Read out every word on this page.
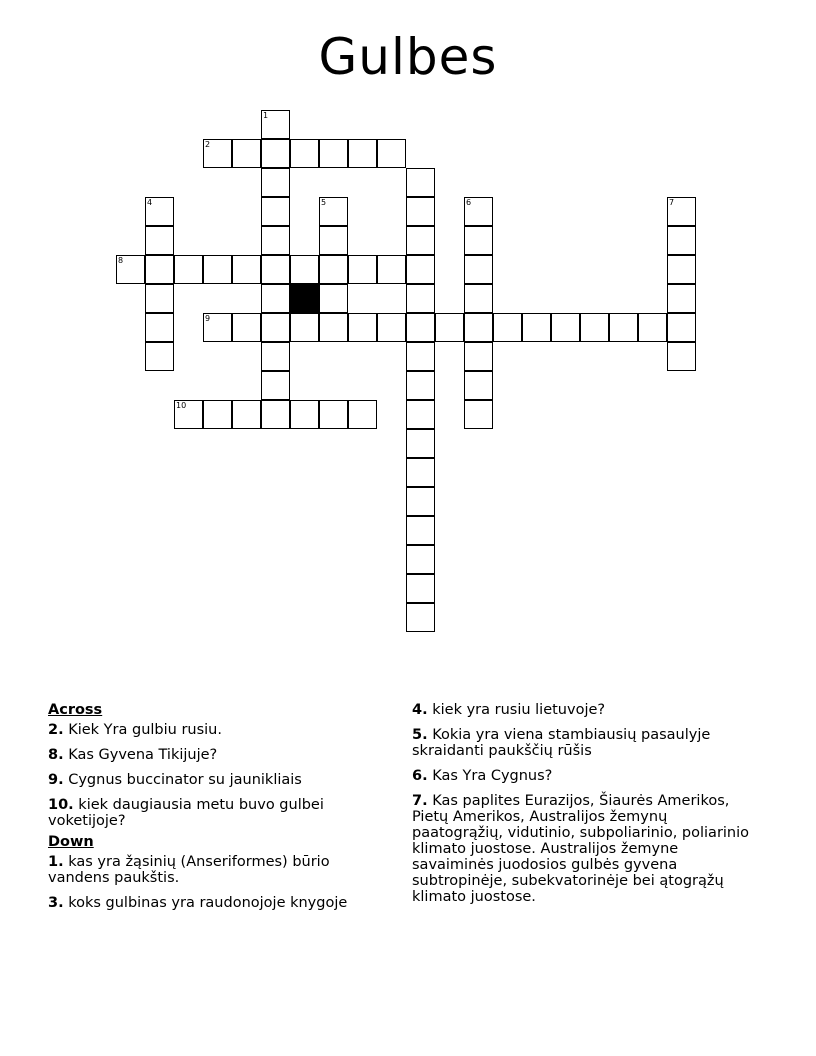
Gulbes
1
2
4	5	6	7
8
9
10
Across
2. Kiek Yra gulbiu rusiu.
8. Kas Gyvena Tikijuje?
9. Cygnus buccinator su jaunikliais
10. kiek daugiausia metu buvo gulbei voketijoje?
Down
1. kas yra žąsinių (Anseriformes) būrio vandens paukštis.
3. koks gulbinas yra raudonojoje knygoje
4. kiek yra rusiu lietuvoje?
5. Kokia yra viena stambiausių pasaulyje skraidanti paukščių rūšis
6. Kas Yra Cygnus?
7. Kas paplites Eurazijos, Šiaurės Amerikos, Pietų Amerikos, Australijos žemynų paatogrąžių, vidutinio, subpoliarinio, poliarinio klimato juostose. Australijos žemyne savaiminės juodosios gulbės gyvena subtropinėje, subekvatorinėje bei ątogrąžų klimato juostose.
